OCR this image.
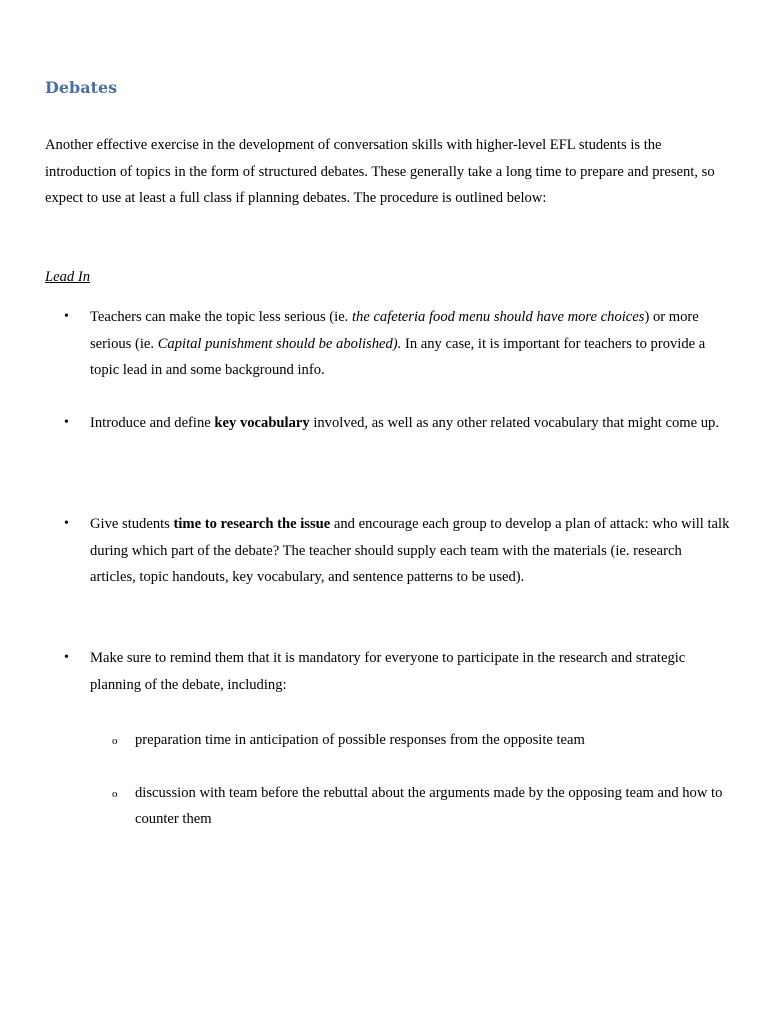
Debates

Another effective exercise in the development of conversation skills with higher-level EFL students is the introduction of topics in the form of structured debates. These generally take a long time to prepare and present, so expect to use at least a full class if planning debates. The procedure is outlined below:

Lead In

• Teachers can make the topic less serious (ie. the cafeteria food menu should have more choices) or more serious (ie. Capital punishment should be abolished). In any case, it is important for teachers to provide a topic lead in and some background info.

• Introduce and define key vocabulary involved, as well as any other related vocabulary that might come up.

• Give students time to research the issue and encourage each group to develop a plan of attack: who will talk during which part of the debate? The teacher should supply each team with the materials (ie. research articles, topic handouts, key vocabulary, and sentence patterns to be used).

• Make sure to remind them that it is mandatory for everyone to participate in the research and strategic planning of the debate, including:

o preparation time in anticipation of possible responses from the opposite team

o discussion with team before the rebuttal about the arguments made by the opposing team and how to counter them
